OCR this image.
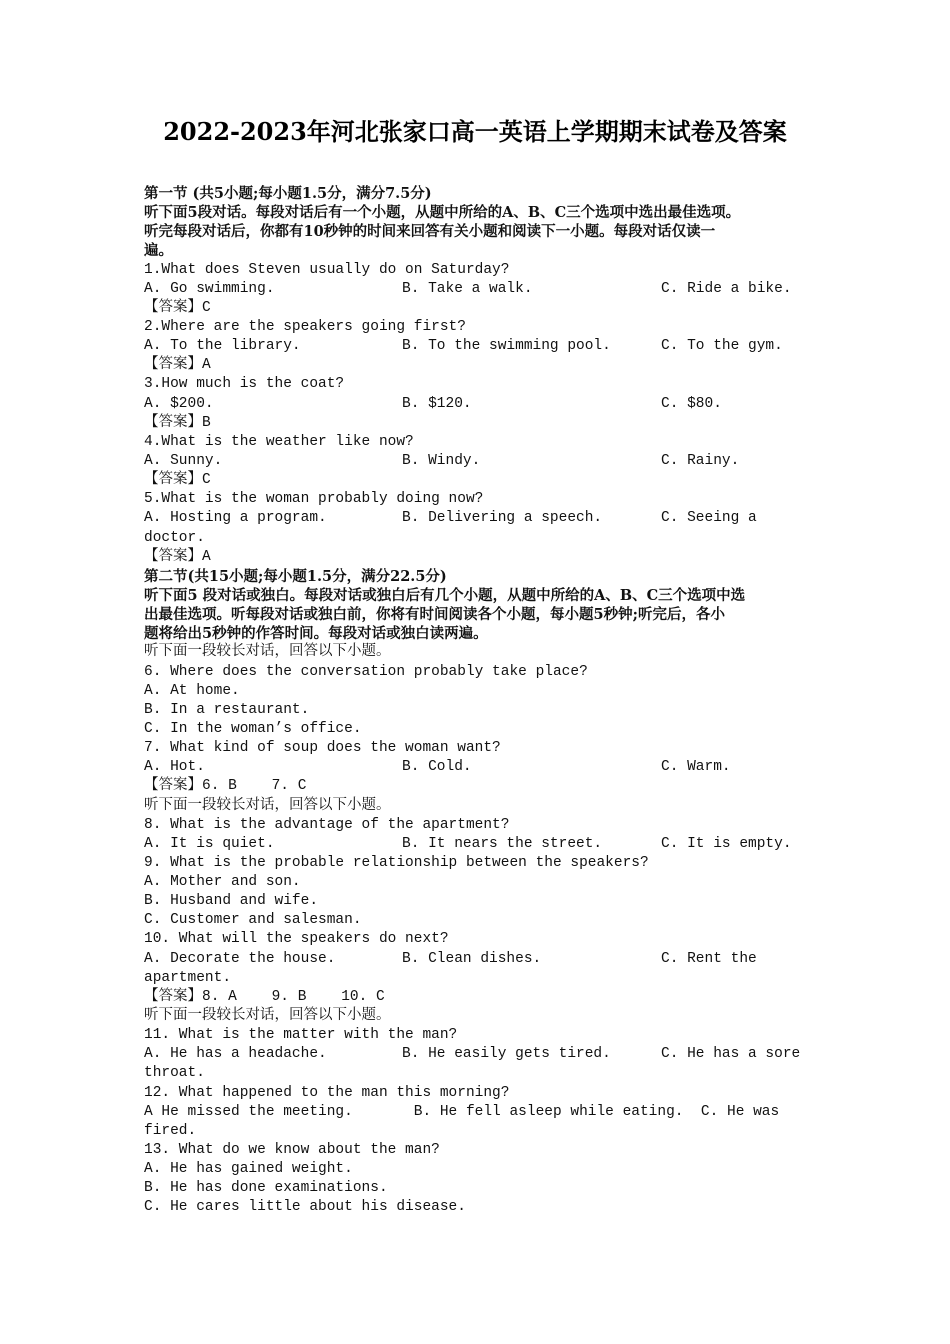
2022-2023年河北张家口高一英语上学期期末试卷及答案
第一节 (共5小题;每小题1.5分，满分7.5分)
听下面5段对话。每段对话后有一个小题，从题中所给的A、B、C三个选项中选出最佳选项。
听完每段对话后，你都有10秒钟的时间来回答有关小题和阅读下一小题。每段对话仅读一
遍。
1.What does Steven usually do on Saturday?

A. Go swimming.

	B. Take a walk.

	C. Ride a bike.

【答案】C
2.Where are the speakers going first?

A. To the library.

	B. To the swimming pool.

	C. To the gym.

【答案】A
3.How much is the coat?

A. $200.

	B. $120.

	C. $80.

【答案】B
4.What is the weather like now?

A. Sunny.

	B. Windy.

	C. Rainy.

【答案】C
5.What is the woman probably doing now?

A. Hosting a program.

	B. Delivering a speech.

	C. Seeing a

doctor.
【答案】A
第二节(共15小题;每小题1.5分，满分22.5分)
听下面5 段对话或独白。每段对话或独白后有几个小题，从题中所给的A、B、C三个选项中选
出最佳选项。听每段对话或独白前，你将有时间阅读各个小题，每小题5秒钟;听完后，各小
题将给出5秒钟的作答时间。每段对话或独白读两遍。
听下面一段较长对话，回答以下小题。
6. Where does the conversation probably take place?
A. At home.
B. In a restaurant.
C. In the woman’s office.
7. What kind of soup does the woman want?

A. Hot.

	B. Cold.

	C. Warm.

【答案】6. B    7. C
听下面一段较长对话，回答以下小题。
8. What is the advantage of the apartment?

A. It is quiet.

	B. It nears the street.

	C. It is empty.

9. What is the probable relationship between the speakers?
A. Mother and son.
B. Husband and wife.
C. Customer and salesman.
10. What will the speakers do next?

A. Decorate the house.

	B. Clean dishes.

	C. Rent the

apartment.
【答案】8. A    9. B    10. C
听下面一段较长对话，回答以下小题。
11. What is the matter with the man?

A. He has a headache.

	B. He easily gets tired.

	C. He has a sore

throat.
12. What happened to the man this morning?
A He missed the meeting.       B. He fell asleep while eating.  C. He was
fired.
13. What do we know about the man?
A. He has gained weight.
B. He has done examinations.
C. He cares little about his disease.
